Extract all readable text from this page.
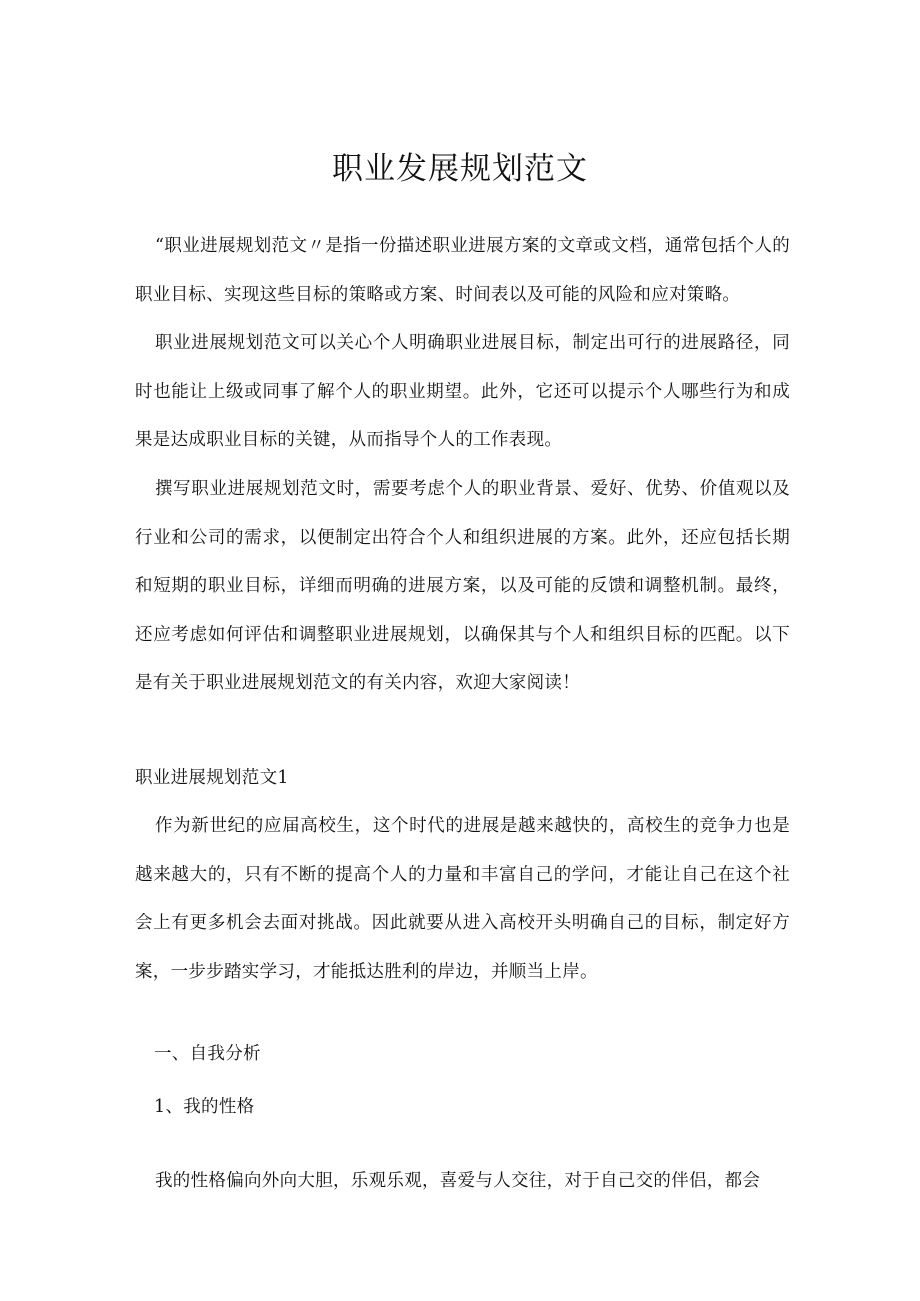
职业发展规划范文

“职业进展规划范文〃是指一份描述职业进展方案的文章或文档，通常包括个人的职业目标、实现这些目标的策略或方案、时间表以及可能的风险和应对策略。

职业进展规划范文可以关心个人明确职业进展目标，制定出可行的进展路径，同时也能让上级或同事了解个人的职业期望。此外，它还可以提示个人哪些行为和成果是达成职业目标的关键，从而指导个人的工作表现。

撰写职业进展规划范文时，需要考虑个人的职业背景、爱好、优势、价值观以及行业和公司的需求，以便制定出符合个人和组织进展的方案。此外，还应包括长期和短期的职业目标，详细而明确的进展方案，以及可能的反馈和调整机制。最终，还应考虑如何评估和调整职业进展规划，以确保其与个人和组织目标的匹配。以下是有关于职业进展规划范文的有关内容，欢迎大家阅读！

职业进展规划范文1

作为新世纪的应届高校生，这个时代的进展是越来越快的，高校生的竞争力也是越来越大的，只有不断的提高个人的力量和丰富自己的学问，才能让自己在这个社会上有更多机会去面对挑战。因此就要从进入高校开头明确自己的目标，制定好方案，一步步踏实学习，才能抵达胜利的岸边，并顺当上岸。

一、自我分析
1、我的性格

我的性格偏向外向大胆，乐观乐观，喜爱与人交往，对于自己交的伴侣，都会
